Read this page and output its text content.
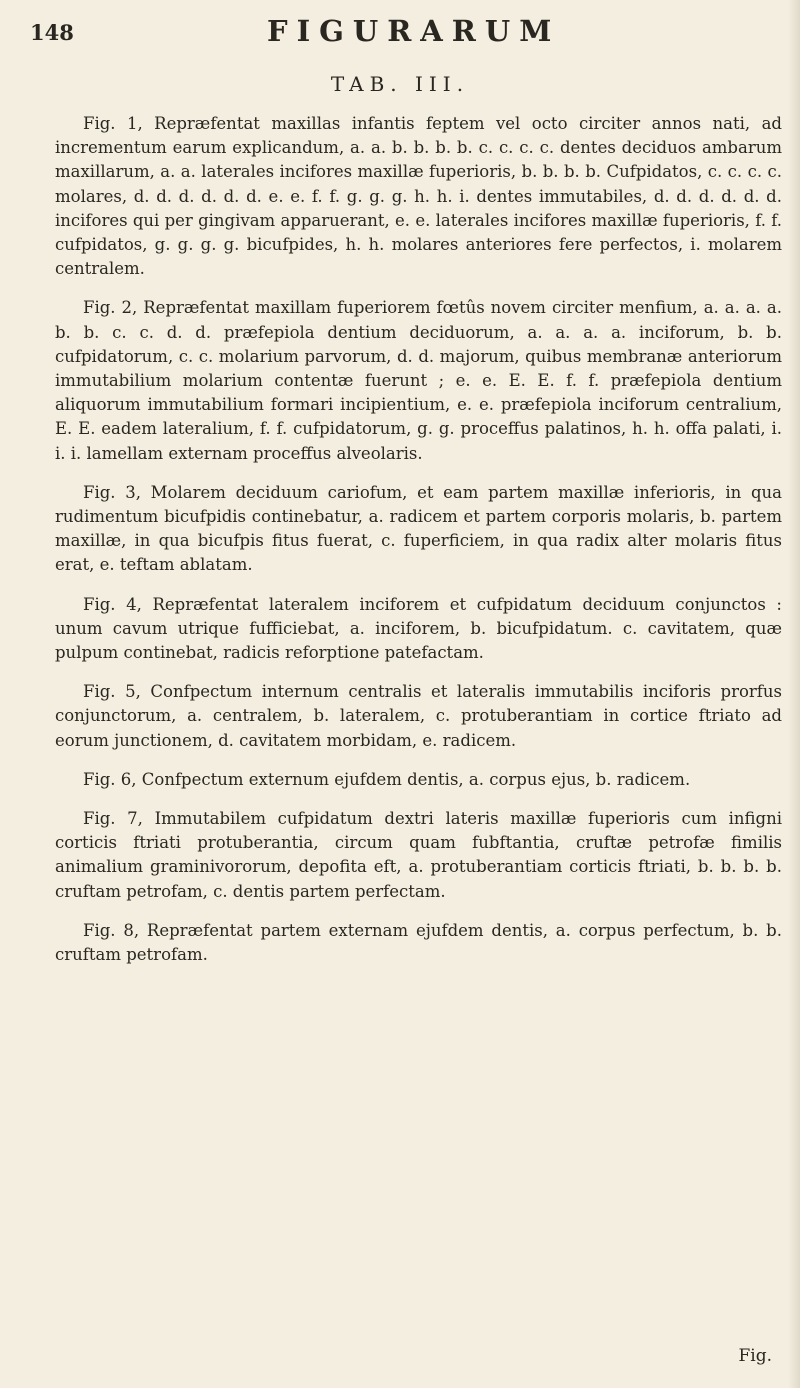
148	FIGURARUM
TAB. III.

Fig. 1, Repræfentat maxillas infantis feptem vel octo circiter annos nati, ad incrementum earum explicandum, a. a. b. b. b. b. c. c. c. c. dentes deciduos ambarum maxillarum, a. a. laterales incifores maxillæ fuperioris, b. b. b. b. Cufpidatos, c. c. c. c. molares, d. d. d. d. d. d. e. e. f. f. g. g. g. h. h. i. dentes immutabiles, d. d. d. d. d. d. incifores qui per gingivam apparuerant, e. e. laterales incifores maxillæ fuperioris, f. f. cufpidatos, g. g. g. g. bicufpides, h. h. molares anteriores fere perfectos, i. molarem centralem.

Fig. 2, Repræfentat maxillam fuperiorem fœtûs novem circiter menfium, a. a. a. a. b. b. c. c. d. d. præfepiola dentium deciduorum, a. a. a. a. inciforum, b. b. cufpidatorum, c. c. molarium parvorum, d. d. majorum, quibus membranæ anteriorum immutabilium molarium contentæ fuerunt ; e. e. E. E. f. f. præfepiola dentium aliquorum immutabilium formari incipientium, e. e. præfepiola inciforum centralium, E. E. eadem lateralium, f. f. cufpidatorum, g. g. proceffus palatinos, h. h. offa palati, i. i. i. lamellam externam proceffus alveolaris.

Fig. 3, Molarem deciduum cariofum, et eam partem maxillæ inferioris, in qua rudimentum bicufpidis continebatur, a. radicem et partem corporis molaris, b. partem maxillæ, in qua bicufpis fitus fuerat, c. fuperficiem, in qua radix alter molaris fitus erat, e. teftam ablatam.

Fig. 4, Repræfentat lateralem inciforem et cufpidatum deciduum conjunctos : unum cavum utrique fufficiebat, a. inciforem, b. bicufpidatum. c. cavitatem, quæ pulpum continebat, radicis reforptione patefactam.

Fig. 5, Confpectum internum centralis et lateralis immutabilis inciforis prorfus conjunctorum, a. centralem, b. lateralem, c. protuberantiam in cortice ftriato ad eorum junctionem, d. cavitatem morbidam, e. radicem.

Fig. 6, Confpectum externum ejufdem dentis, a. corpus ejus, b. radicem.

Fig. 7, Immutabilem cufpidatum dextri lateris maxillæ fuperioris cum infigni corticis ftriati protuberantia, circum quam fubftantia, cruftæ petrofæ fimilis animalium graminivororum, depofita eft, a. protuberantiam corticis ftriati, b. b. b. b. cruftam petrofam, c. dentis partem perfectam.

Fig. 8, Repræfentat partem externam ejufdem dentis, a. corpus perfectum, b. b. cruftam petrofam.

Fig.
